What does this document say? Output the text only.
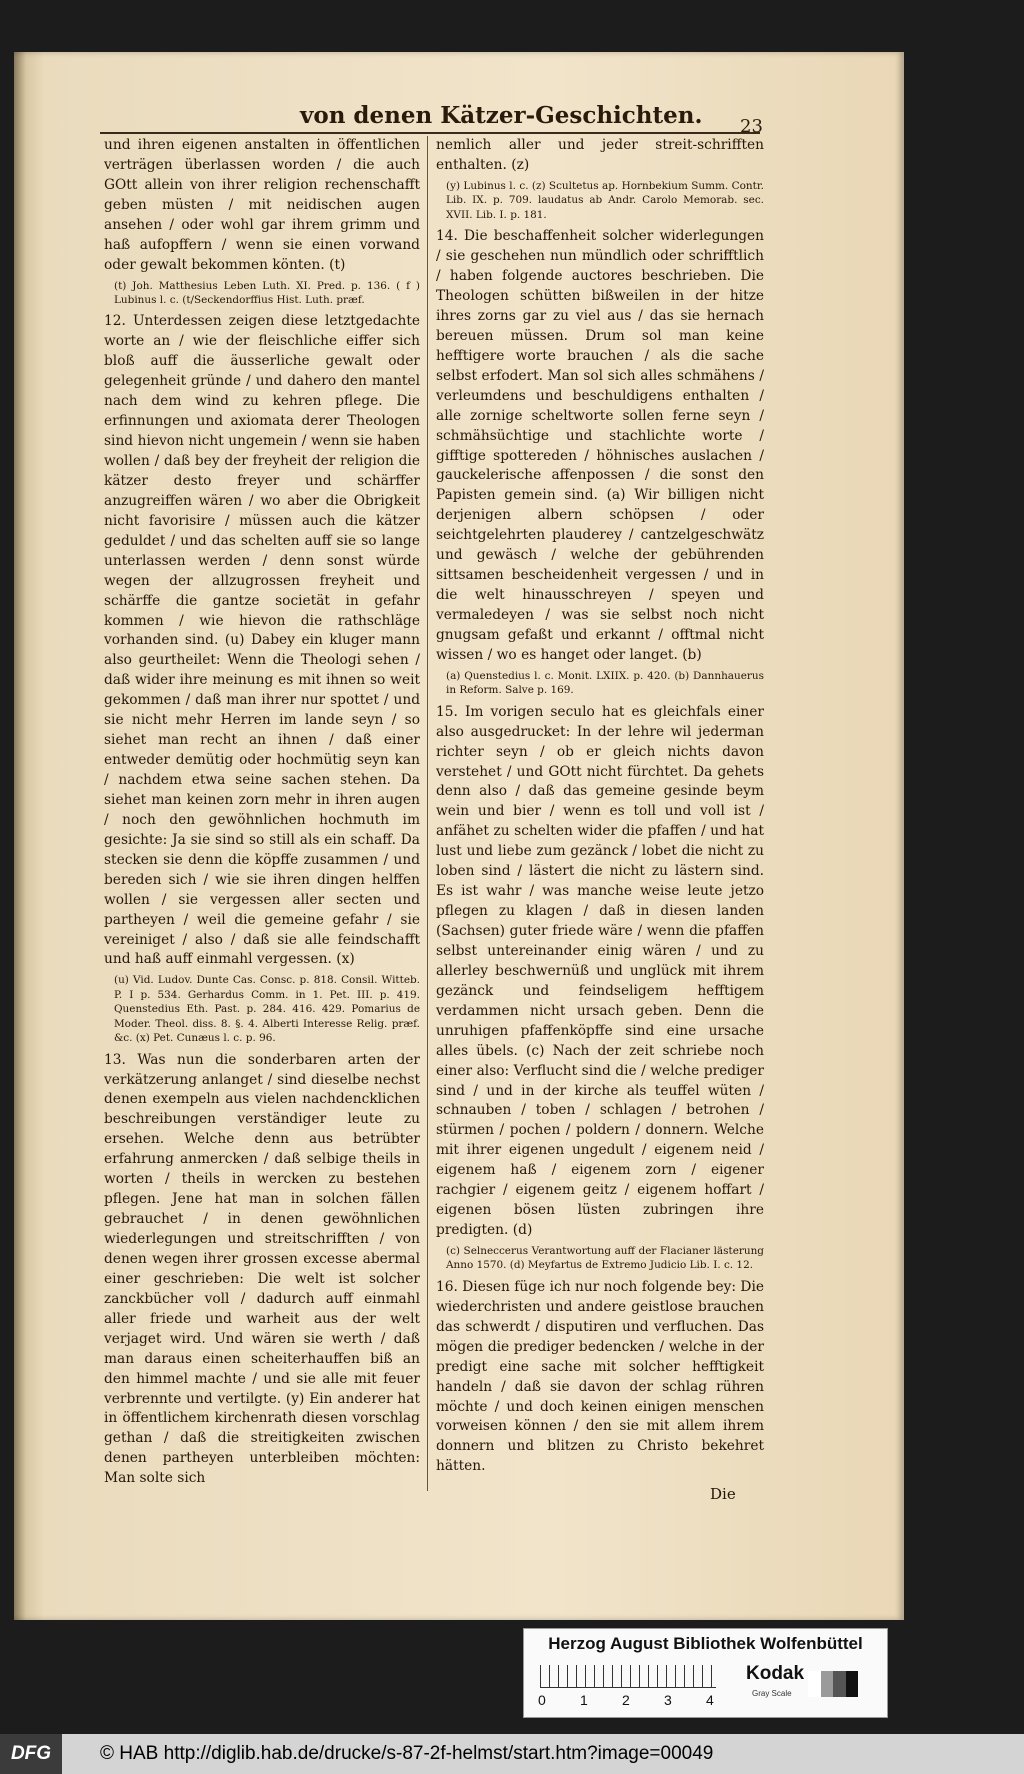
von denen Kätzer-Geschichten. 23

und ihren eigenen anstalten in öffentlichen verträgen überlassen worden / die auch GOtt allein von ihrer religion rechenschafft geben müsten / mit neidischen augen ansehen / oder wohl gar ihrem grimm und haß aufopffern / wenn sie einen vorwand oder gewalt bekommen könten. (t)

(t) Joh. Matthesius Leben Luth. XI. Pred. p. 136. ( f ) Lubinus l. c. (t/Seckendorffius Hist. Luth. præf.

12. Unterdessen zeigen diese letztgedachte worte an / wie der fleischliche eiffer sich bloß auff die äusserliche gewalt oder gelegenheit gründe / und dahero den mantel nach dem wind zu kehren pflege. Die erfinnungen und axiomata derer Theologen sind hievon nicht ungemein / wenn sie haben wollen / daß bey der freyheit der religion die kätzer desto freyer und schärffer anzugreiffen wären / wo aber die Obrigkeit nicht favorisire / müssen auch die kätzer geduldet / und das schelten auff sie so lange unterlassen werden / denn sonst würde wegen der allzugrossen freyheit und schärffe die gantze societät in gefahr kommen / wie hievon die rathschläge vorhanden sind. (u) Dabey ein kluger mann also geurtheilet: Wenn die Theologi sehen / daß wider ihre meinung es mit ihnen so weit gekommen / daß man ihrer nur spottet / und sie nicht mehr Herren im lande seyn / so siehet man recht an ihnen / daß einer entweder demütig oder hochmütig seyn kan / nachdem etwa seine sachen stehen. Da siehet man keinen zorn mehr in ihren augen / noch den gewöhnlichen hochmuth im gesichte: Ja sie sind so still als ein schaff. Da stecken sie denn die köpffe zusammen / und bereden sich / wie sie ihren dingen helffen wollen / sie vergessen aller secten und partheyen / weil die gemeine gefahr / sie vereiniget / also / daß sie alle feindschafft und haß auff einmahl vergessen. (x)

(u) Vid. Ludov. Dunte Cas. Consc. p. 818. Consil. Witteb. P. I p. 534. Gerhardus Comm. in 1. Pet. III. p. 419. Quenstedius Eth. Past. p. 284. 416. 429. Pomarius de Moder. Theol. diss. 8. §. 4. Alberti Interesse Relig. præf. &c. (x) Pet. Cunæus l. c. p. 96.

13. Was nun die sonderbaren arten der verkätzerung anlanget / sind dieselbe nechst denen exempeln aus vielen nachdencklichen beschreibungen verständiger leute zu ersehen. Welche denn aus betrübter erfahrung anmercken / daß selbige theils in worten / theils in wercken zu bestehen pflegen. Jene hat man in solchen fällen gebrauchet / in denen gewöhnlichen wiederlegungen und streitschrifften / von denen wegen ihrer grossen excesse abermal einer geschrieben: Die welt ist solcher zanckbücher voll / dadurch auff einmahl aller friede und warheit aus der welt verjaget wird. Und wären sie werth / daß man daraus einen scheiterhauffen biß an den himmel machte / und sie alle mit feuer verbrennte und vertilgte. (y) Ein anderer hat in öffentlichem kirchenrath diesen vorschlag gethan / daß die streitigkeiten zwischen denen partheyen unterbleiben möchten: Man solte sich

nemlich aller und jeder streit-schrifften enthalten. (z)

(y) Lubinus l. c. (z) Scultetus ap. Hornbekium Summ. Contr. Lib. IX. p. 709. laudatus ab Andr. Carolo Memorab. sec. XVII. Lib. I. p. 181.

14. Die beschaffenheit solcher widerlegungen / sie geschehen nun mündlich oder schrifftlich / haben folgende auctores beschrieben. Die Theologen schütten bißweilen in der hitze ihres zorns gar zu viel aus / das sie hernach bereuen müssen. Drum sol man keine hefftigere worte brauchen / als die sache selbst erfodert. Man sol sich alles schmähens / verleumdens und beschuldigens enthalten / alle zornige scheltworte sollen ferne seyn / schmähsüchtige und stachlichte worte / gifftige spottereden / höhnisches auslachen / gauckelerische affenpossen / die sonst den Papisten gemein sind. (a) Wir billigen nicht derjenigen albern schöpsen / oder seichtgelehrten plauderey / cantzelgeschwätz und gewäsch / welche der gebührenden sittsamen bescheidenheit vergessen / und in die welt hinausschreyen / speyen und vermaledeyen / was sie selbst noch nicht gnugsam gefaßt und erkannt / offtmal nicht wissen / wo es hanget oder langet. (b)

(a) Quenstedius l. c. Monit. LXIIX. p. 420. (b) Dannhauerus in Reform. Salve p. 169.

15. Im vorigen seculo hat es gleichfals einer also ausgedrucket: In der lehre wil jederman richter seyn / ob er gleich nichts davon verstehet / und GOtt nicht fürchtet. Da gehets denn also / daß das gemeine gesinde beym wein und bier / wenn es toll und voll ist / anfähet zu schelten wider die pfaffen / und hat lust und liebe zum gezänck / lobet die nicht zu loben sind / lästert die nicht zu lästern sind. Es ist wahr / was manche weise leute jetzo pflegen zu klagen / daß in diesen landen (Sachsen) guter friede wäre / wenn die pfaffen selbst untereinander einig wären / und zu allerley beschwernüß und unglück mit ihrem gezänck und feindseligem hefftigem verdammen nicht ursach geben. Denn die unruhigen pfaffenköpffe sind eine ursache alles übels. (c) Nach der zeit schriebe noch einer also: Verflucht sind die / welche prediger sind / und in der kirche als teuffel wüten / schnauben / toben / schlagen / betrohen / stürmen / pochen / poldern / donnern. Welche mit ihrer eigenen ungedult / eigenem neid / eigenem haß / eigenem zorn / eigener rachgier / eigenem geitz / eigenem hoffart / eigenen bösen lüsten zubringen ihre predigten. (d)

(c) Selneccerus Verantwortung auff der Flacianer lästerung Anno 1570. (d) Meyfartus de Extremo Judicio Lib. I. c. 12.

16. Diesen füge ich nur noch folgende bey: Die wiederchristen und andere geistlose brauchen das schwerdt / disputiren und verfluchen. Das mögen die prediger bedencken / welche in der predigt eine sache mit solcher hefftigkeit handeln / daß sie davon der schlag rühren möchte / und doch keinen einigen menschen vorweisen können / den sie mit allem ihrem donnern und blitzen zu Christo bekehret hätten.

Die
Herzog August Bibliothek Wolfenbüttel
0 1 2 3 4
Kodak
Gray Scale
DFG	© HAB http://diglib.hab.de/drucke/s-87-2f-helmst/start.htm?image=00049
